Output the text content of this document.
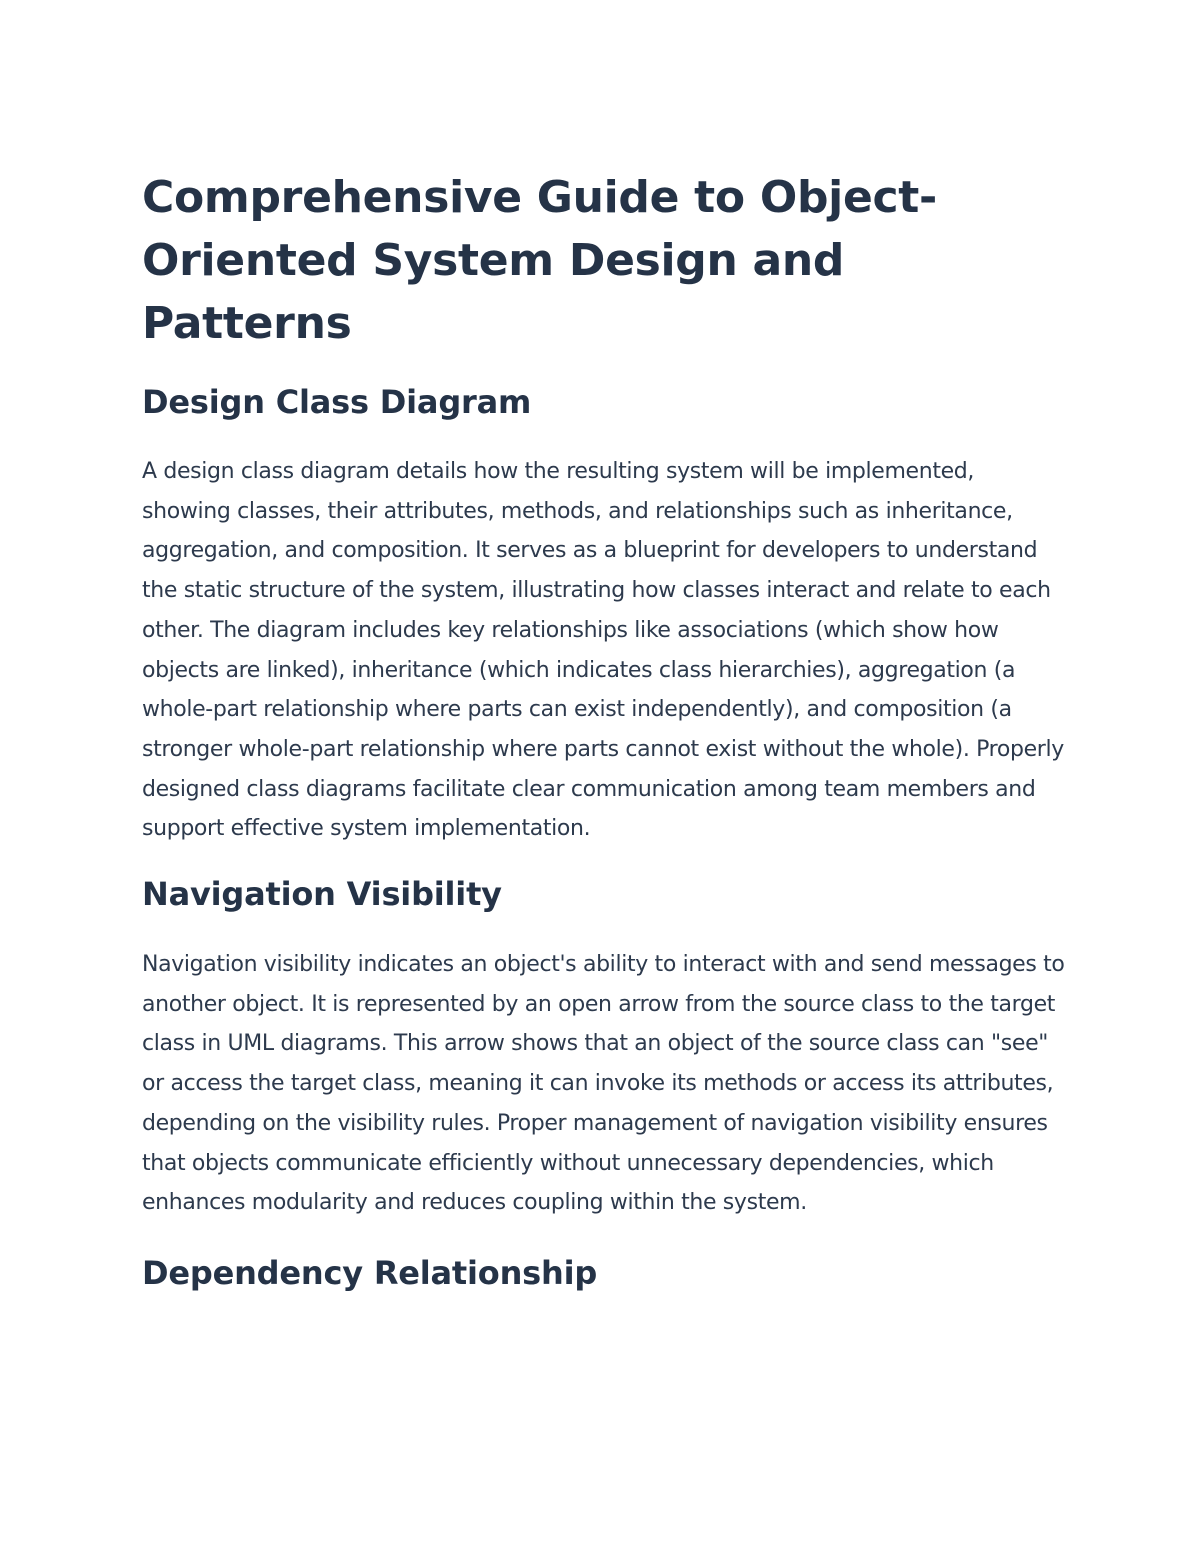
Comprehensive Guide to Object-Oriented System Design and Patterns
Design Class Diagram

A design class diagram details how the resulting system will be implemented, showing classes, their attributes, methods, and relationships such as inheritance, aggregation, and composition. It serves as a blueprint for developers to understand the static structure of the system, illustrating how classes interact and relate to each other. The diagram includes key relationships like associations (which show how objects are linked), inheritance (which indicates class hierarchies), aggregation (a whole-part relationship where parts can exist independently), and composition (a stronger whole-part relationship where parts cannot exist without the whole). Properly designed class diagrams facilitate clear communication among team members and support effective system implementation.

Navigation Visibility

Navigation visibility indicates an object's ability to interact with and send messages to another object. It is represented by an open arrow from the source class to the target class in UML diagrams. This arrow shows that an object of the source class can "see" or access the target class, meaning it can invoke its methods or access its attributes, depending on the visibility rules. Proper management of navigation visibility ensures that objects communicate efficiently without unnecessary dependencies, which enhances modularity and reduces coupling within the system.

Dependency Relationship
